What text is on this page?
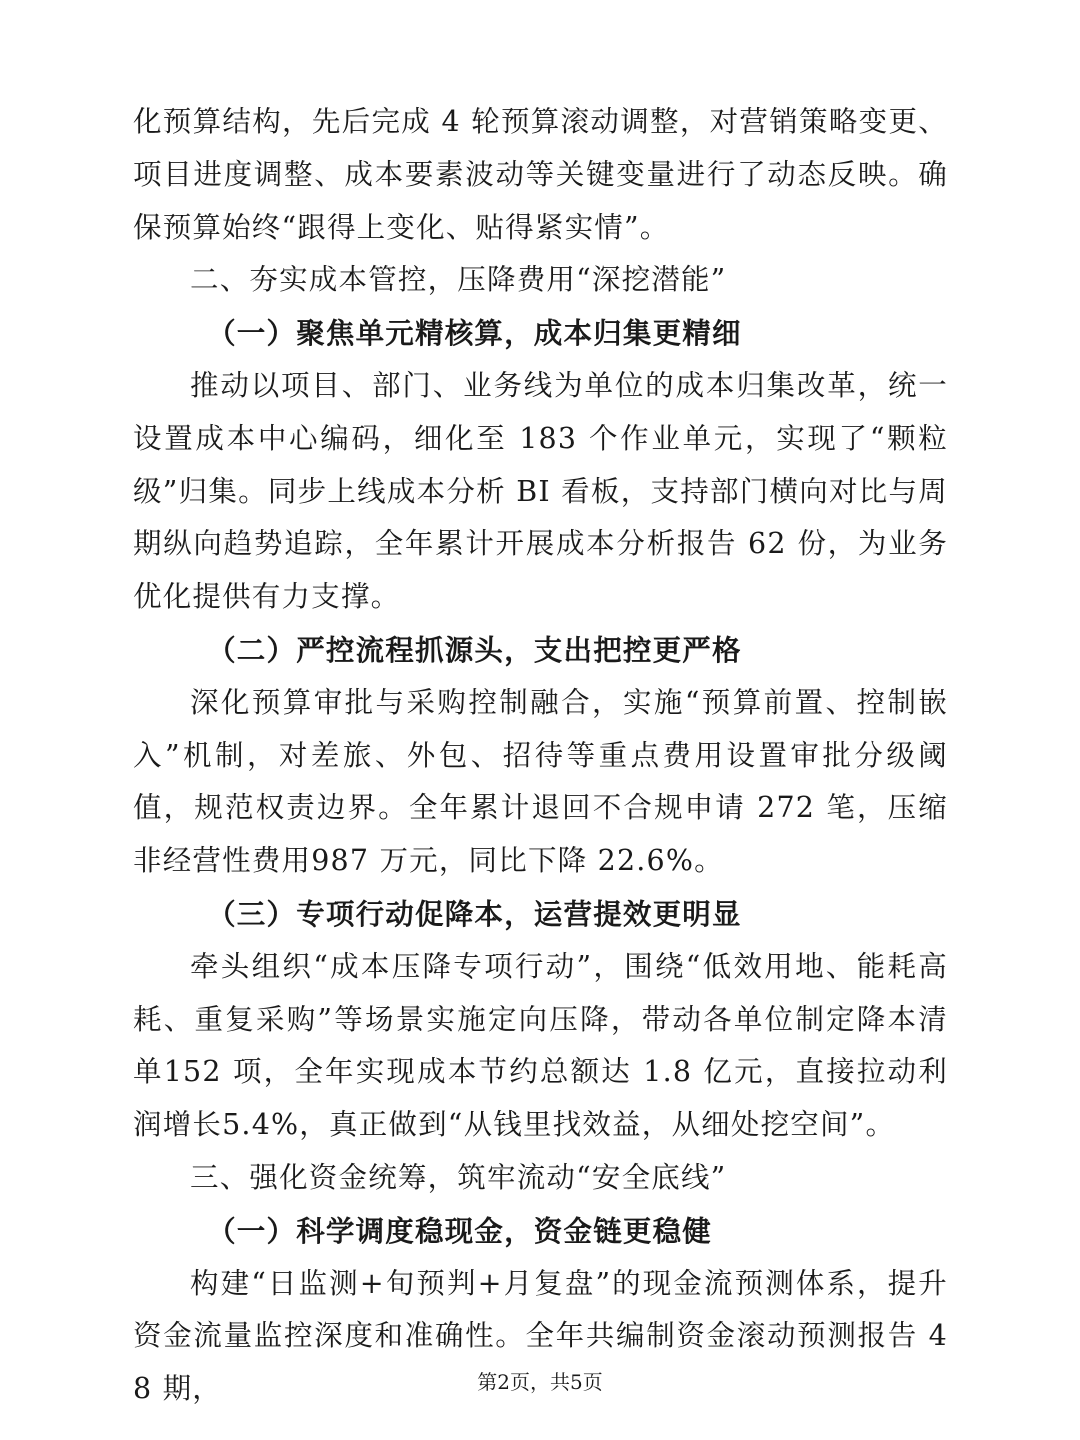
化预算结构，先后完成 4 轮预算滚动调整，对营销策略变更、项目进度调整、成本要素波动等关键变量进行了动态反映。确保预算始终“跟得上变化、贴得紧实情”。

二、夯实成本管控，压降费用“深挖潜能”

（一）聚焦单元精核算，成本归集更精细

推动以项目、部门、业务线为单位的成本归集改革，统一设置成本中心编码，细化至 183 个作业单元，实现了“颗粒级”归集。同步上线成本分析 BI 看板，支持部门横向对比与周期纵向趋势追踪，全年累计开展成本分析报告 62 份，为业务优化提供有力支撑。

（二）严控流程抓源头，支出把控更严格

深化预算审批与采购控制融合，实施“预算前置、控制嵌入”机制，对差旅、外包、招待等重点费用设置审批分级阈值，规范权责边界。全年累计退回不合规申请 272 笔，压缩非经营性费用987 万元，同比下降 22.6%。

（三）专项行动促降本，运营提效更明显

牵头组织“成本压降专项行动”，围绕“低效用地、能耗高耗、重复采购”等场景实施定向压降，带动各单位制定降本清单152 项，全年实现成本节约总额达 1.8 亿元，直接拉动利润增长5.4%，真正做到“从钱里找效益，从细处挖空间”。

三、强化资金统筹，筑牢流动“安全底线”

（一）科学调度稳现金，资金链更稳健

构建“日监测+旬预判+月复盘”的现金流预测体系，提升资金流量监控深度和准确性。全年共编制资金滚动预测报告 48 期，	第2页，共5页
